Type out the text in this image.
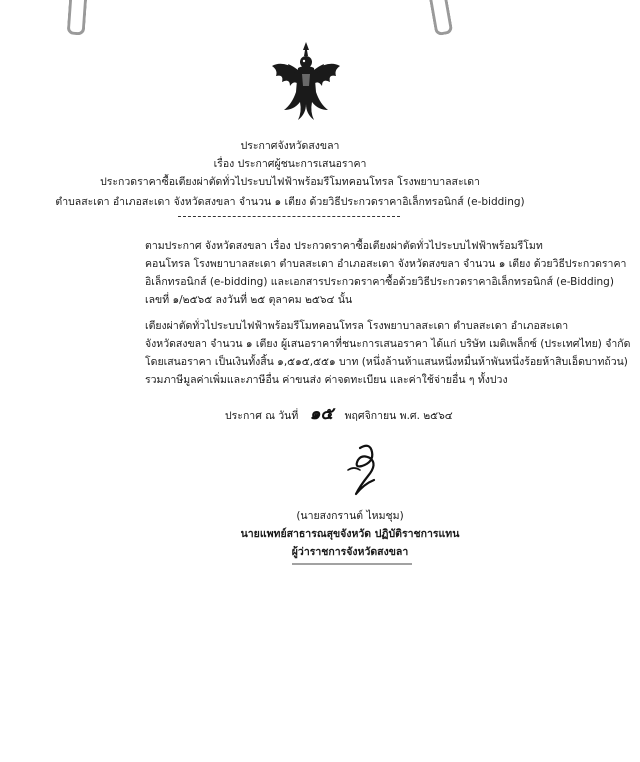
ประกาศจังหวัดสงขลา
เรื่อง ประกาศผู้ชนะการเสนอราคา
ประกวดราคาซื้อเตียงผ่าตัดทั่วไประบบไฟฟ้าพร้อมรีโมทคอนโทรล โรงพยาบาลสะเดา
ตำบลสะเดา อำเภอสะเดา จังหวัดสงขลา จำนวน ๑ เตียง ด้วยวิธีประกวดราคาอิเล็กทรอนิกส์ (e-bidding)
ตามประกาศ จังหวัดสงขลา เรื่อง ประกวดราคาซื้อเตียงผ่าตัดทั่วไประบบไฟฟ้าพร้อมรีโมท
คอนโทรล โรงพยาบาลสะเดา ตำบลสะเดา อำเภอสะเดา จังหวัดสงขลา จำนวน ๑ เตียง ด้วยวิธีประกวดราคา
อิเล็กทรอนิกส์ (e-bidding) และเอกสารประกวดราคาซื้อด้วยวิธีประกวดราคาอิเล็กทรอนิกส์ (e-Bidding)
เลขที่ ๑/๒๕๖๕ ลงวันที่ ๒๕ ตุลาคม ๒๕๖๔ นั้น
เตียงผ่าตัดทั่วไประบบไฟฟ้าพร้อมรีโมทคอนโทรล โรงพยาบาลสะเดา ตำบลสะเดา อำเภอสะเดา
จังหวัดสงขลา จำนวน ๑ เตียง ผู้เสนอราคาที่ชนะการเสนอราคา ได้แก่ บริษัท เมดิเพล็กซ์ (ประเทศไทย) จำกัด
โดยเสนอราคา เป็นเงินทั้งสิ้น ๑,๕๑๕,๕๕๑ บาท (หนึ่งล้านห้าแสนหนึ่งหมื่นห้าพันหนึ่งร้อยห้าสิบเอ็ดบาทถ้วน)
รวมภาษีมูลค่าเพิ่มและภาษีอื่น ค่าขนส่ง ค่าจดทะเบียน และค่าใช้จ่ายอื่น ๆ ทั้งปวง
ประกาศ ณ วันที่ ๑๕ พฤศจิกายน พ.ศ. ๒๕๖๔
(นายสงกรานต์ ไหมชุม)
นายแพทย์สาธารณสุขจังหวัด ปฏิบัติราชการแทน
ผู้ว่าราชการจังหวัดสงขลา
